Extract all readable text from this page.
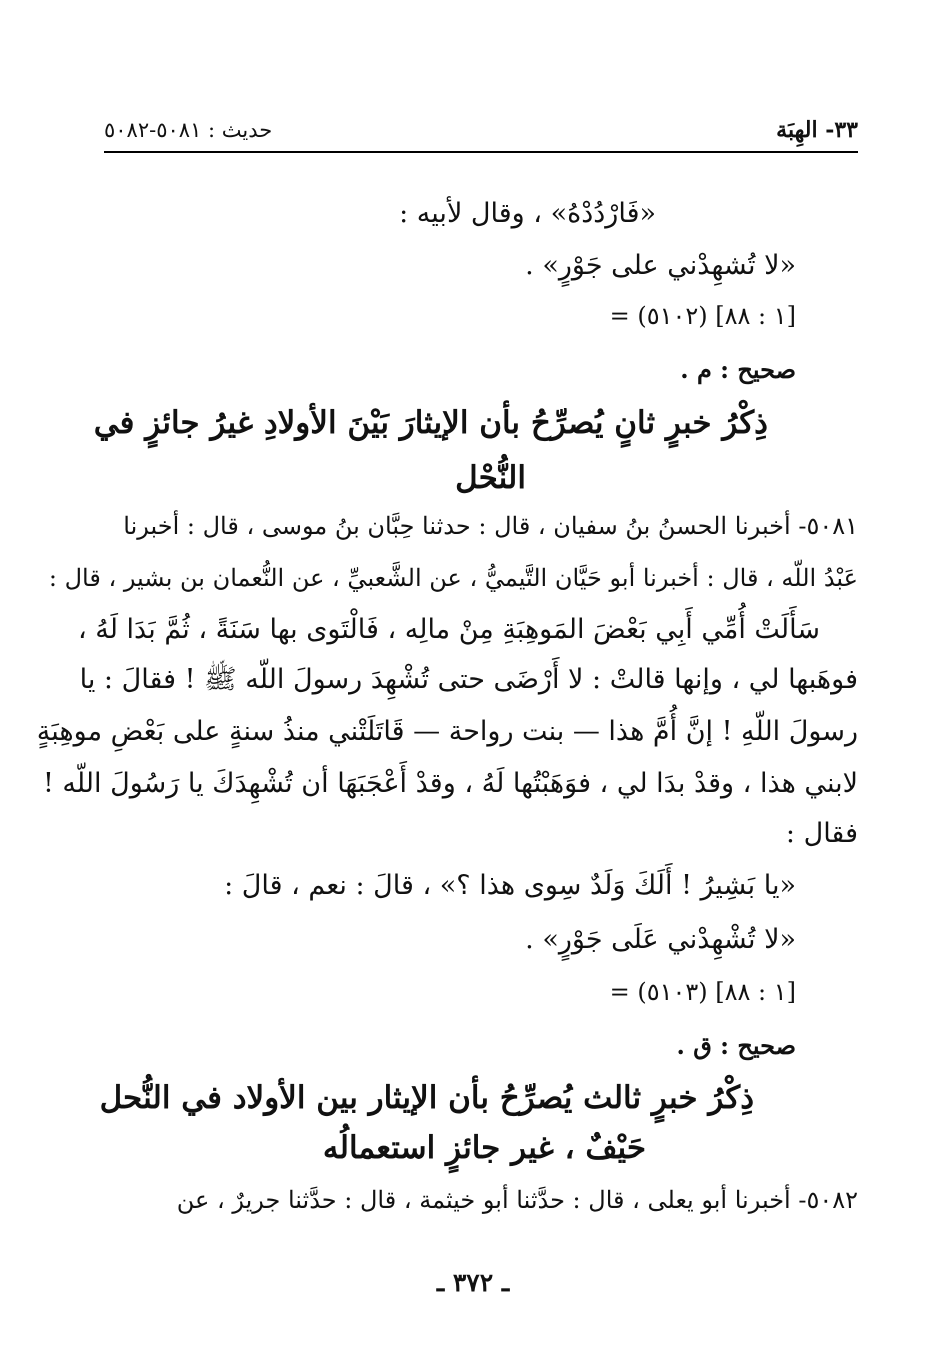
٣٣- الهِبَة
حديث : ٥٠٨١-٥٠٨٢
«فَارْدُدْهُ» ، وقال لأبيه :
«لا تُشهِدْني على جَوْرٍ» .
= (٥١٠٢) [١ : ٨٨]
صحيح : م .
ذِكْرُ خبرٍ ثانٍ يُصرِّحُ بأن الإيثارَ بَيْنَ الأولادِ غيرُ جائزٍ في
النُّحْل
٥٠٨١- أخبرنا الحسنُ بنُ سفيان ، قال : حدثنا حِبَّان بنُ موسى ، قال : أخبرنا
عَبْدُ اللّه ، قال : أخبرنا أبو حَيَّان التَّيميُّ ، عن الشَّعبيِّ ، عن النُّعمان بن بشير ، قال :
سَأَلَتْ أُمِّي أَبِي بَعْضَ المَوهِبَةِ مِنْ مالِه ، فَالْتَوى بها سَنَةً ، ثُمَّ بَدَا لَهُ ،
فوهَبها لي ، وإنها قالتْ : لا أَرْضَى حتى تُشْهِدَ رسولَ اللّه ﷺ ! فقالَ : يا
رسولَ اللّهِ ! إنَّ أُمَّ هذا — بنت رواحة — قَاتَلَتْني منذُ سنةٍ على بَعْضِ موهِبَةٍ
لابني هذا ، وقدْ بدَا لي ، فوَهَبْتُها لَهُ ، وقدْ أَعْجَبَهَا أن تُشْهِدَكَ يا رَسُولَ اللّه !
فقال :
«يا بَشِيرُ ! أَلَكَ وَلَدٌ سِوى هذا ؟» ، قالَ : نعم ، قالَ :
«لا تُشْهِدْني عَلَى جَوْرٍ» .
= (٥١٠٣) [١ : ٨٨]
صحيح : ق .
ذِكْرُ خبرٍ ثالث يُصرِّحُ بأن الإيثار بين الأولاد في النُّحل
حَيْفٌ ، غير جائزٍ استعمالُه
٥٠٨٢- أخبرنا أبو يعلى ، قال : حدَّثنا أبو خيثمة ، قال : حدَّثنا جريرٌ ، عن
ـ ٣٧٢ ـ
